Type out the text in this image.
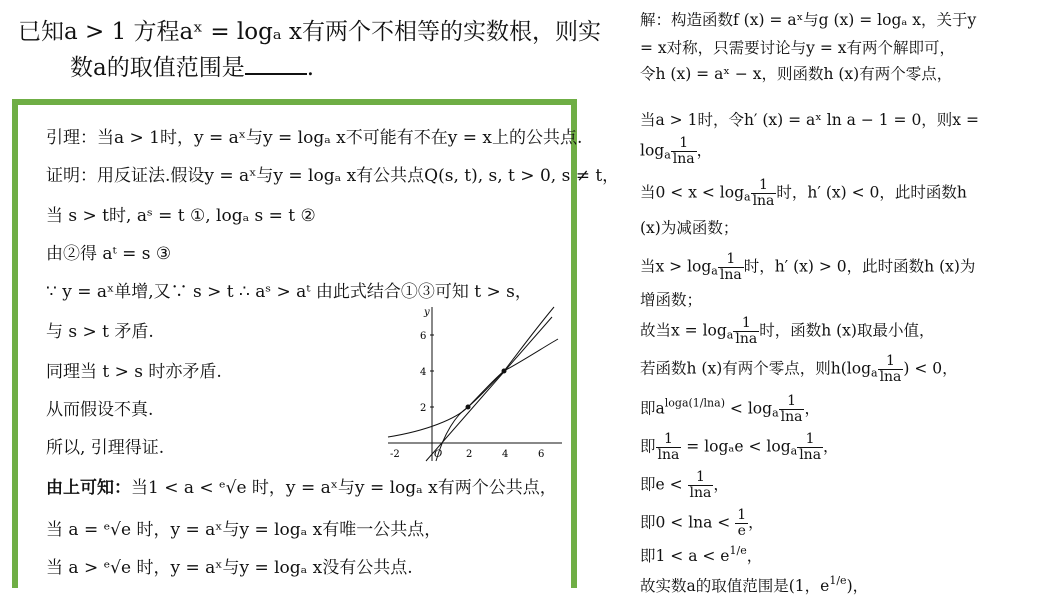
已知a > 1 方程aˣ = logₐ x有两个不相等的实数根，则实
数a的取值范围是	.
引理：当a > 1时，y = aˣ与y = logₐ x不可能有不在y = x上的公共点.
证明：用反证法.假设y = aˣ与y = logₐ x有公共点Q(s, t), s, t > 0, s ≠ t，
当 s > t时, aˢ = t ①, logₐ s = t ②
由②得 aᵗ = s ③
∵ y = aˣ单增,又∵ s > t ∴ aˢ > aᵗ 由此式结合①③可知 t > s，
与 s > t 矛盾.
同理当 t > s 时亦矛盾.
从而假设不真.
所以, 引理得证.
由上可知：当1 < a < ᵉ√e 时，y = aˣ与y = logₐ x有两个公共点，
当 a = ᵉ√e 时，y = aˣ与y = logₐ x有唯一公共点，
当 a > ᵉ√e 时，y = aˣ与y = logₐ x没有公共点.
2
4
6
y
-2	O 2	4	6
解：构造函数f (x) = aˣ与g (x) = logₐ x，关于y
= x对称，只需要讨论与y = x有两个解即可，
令h (x) = aˣ − x，则函数h (x)有两个零点，
当a > 1时，令h′ (x) = aˣ ln a − 1 = 0，则x =
$\log_a \frac{1}{\ln a}$ ，
当$0 < x < \log_a \frac{1}{\ln a}$ 时，h′ (x) < 0，此时函数h
(x)为减函数；
当$x > \log_a \frac{1}{\ln a}$ 时，h′ (x) > 0，此时函数h (x)为
增函数；
故当$x = \log_a \frac{1}{\ln a}$ 时，函数h (x)取最小值，
若函数h (x)有两个零点，则$h(\log_a \frac{1}{\ln a}$ ) < 0，
即$a^{loga(1/lna)} < \log_a \frac{1}{\ln a}$ ，
即 $\frac{1}{\ln a} = \log_ae < \log_a \frac{1}{\ln a}$ ，
即$e < \frac{1}{\ln a}$ ，
即$0 < \ln a < \frac{1}{e}$ ，
即$1 < a < e^{1/e}$，
故实数a的取值范围是(1，$e^{1/e}$)，
